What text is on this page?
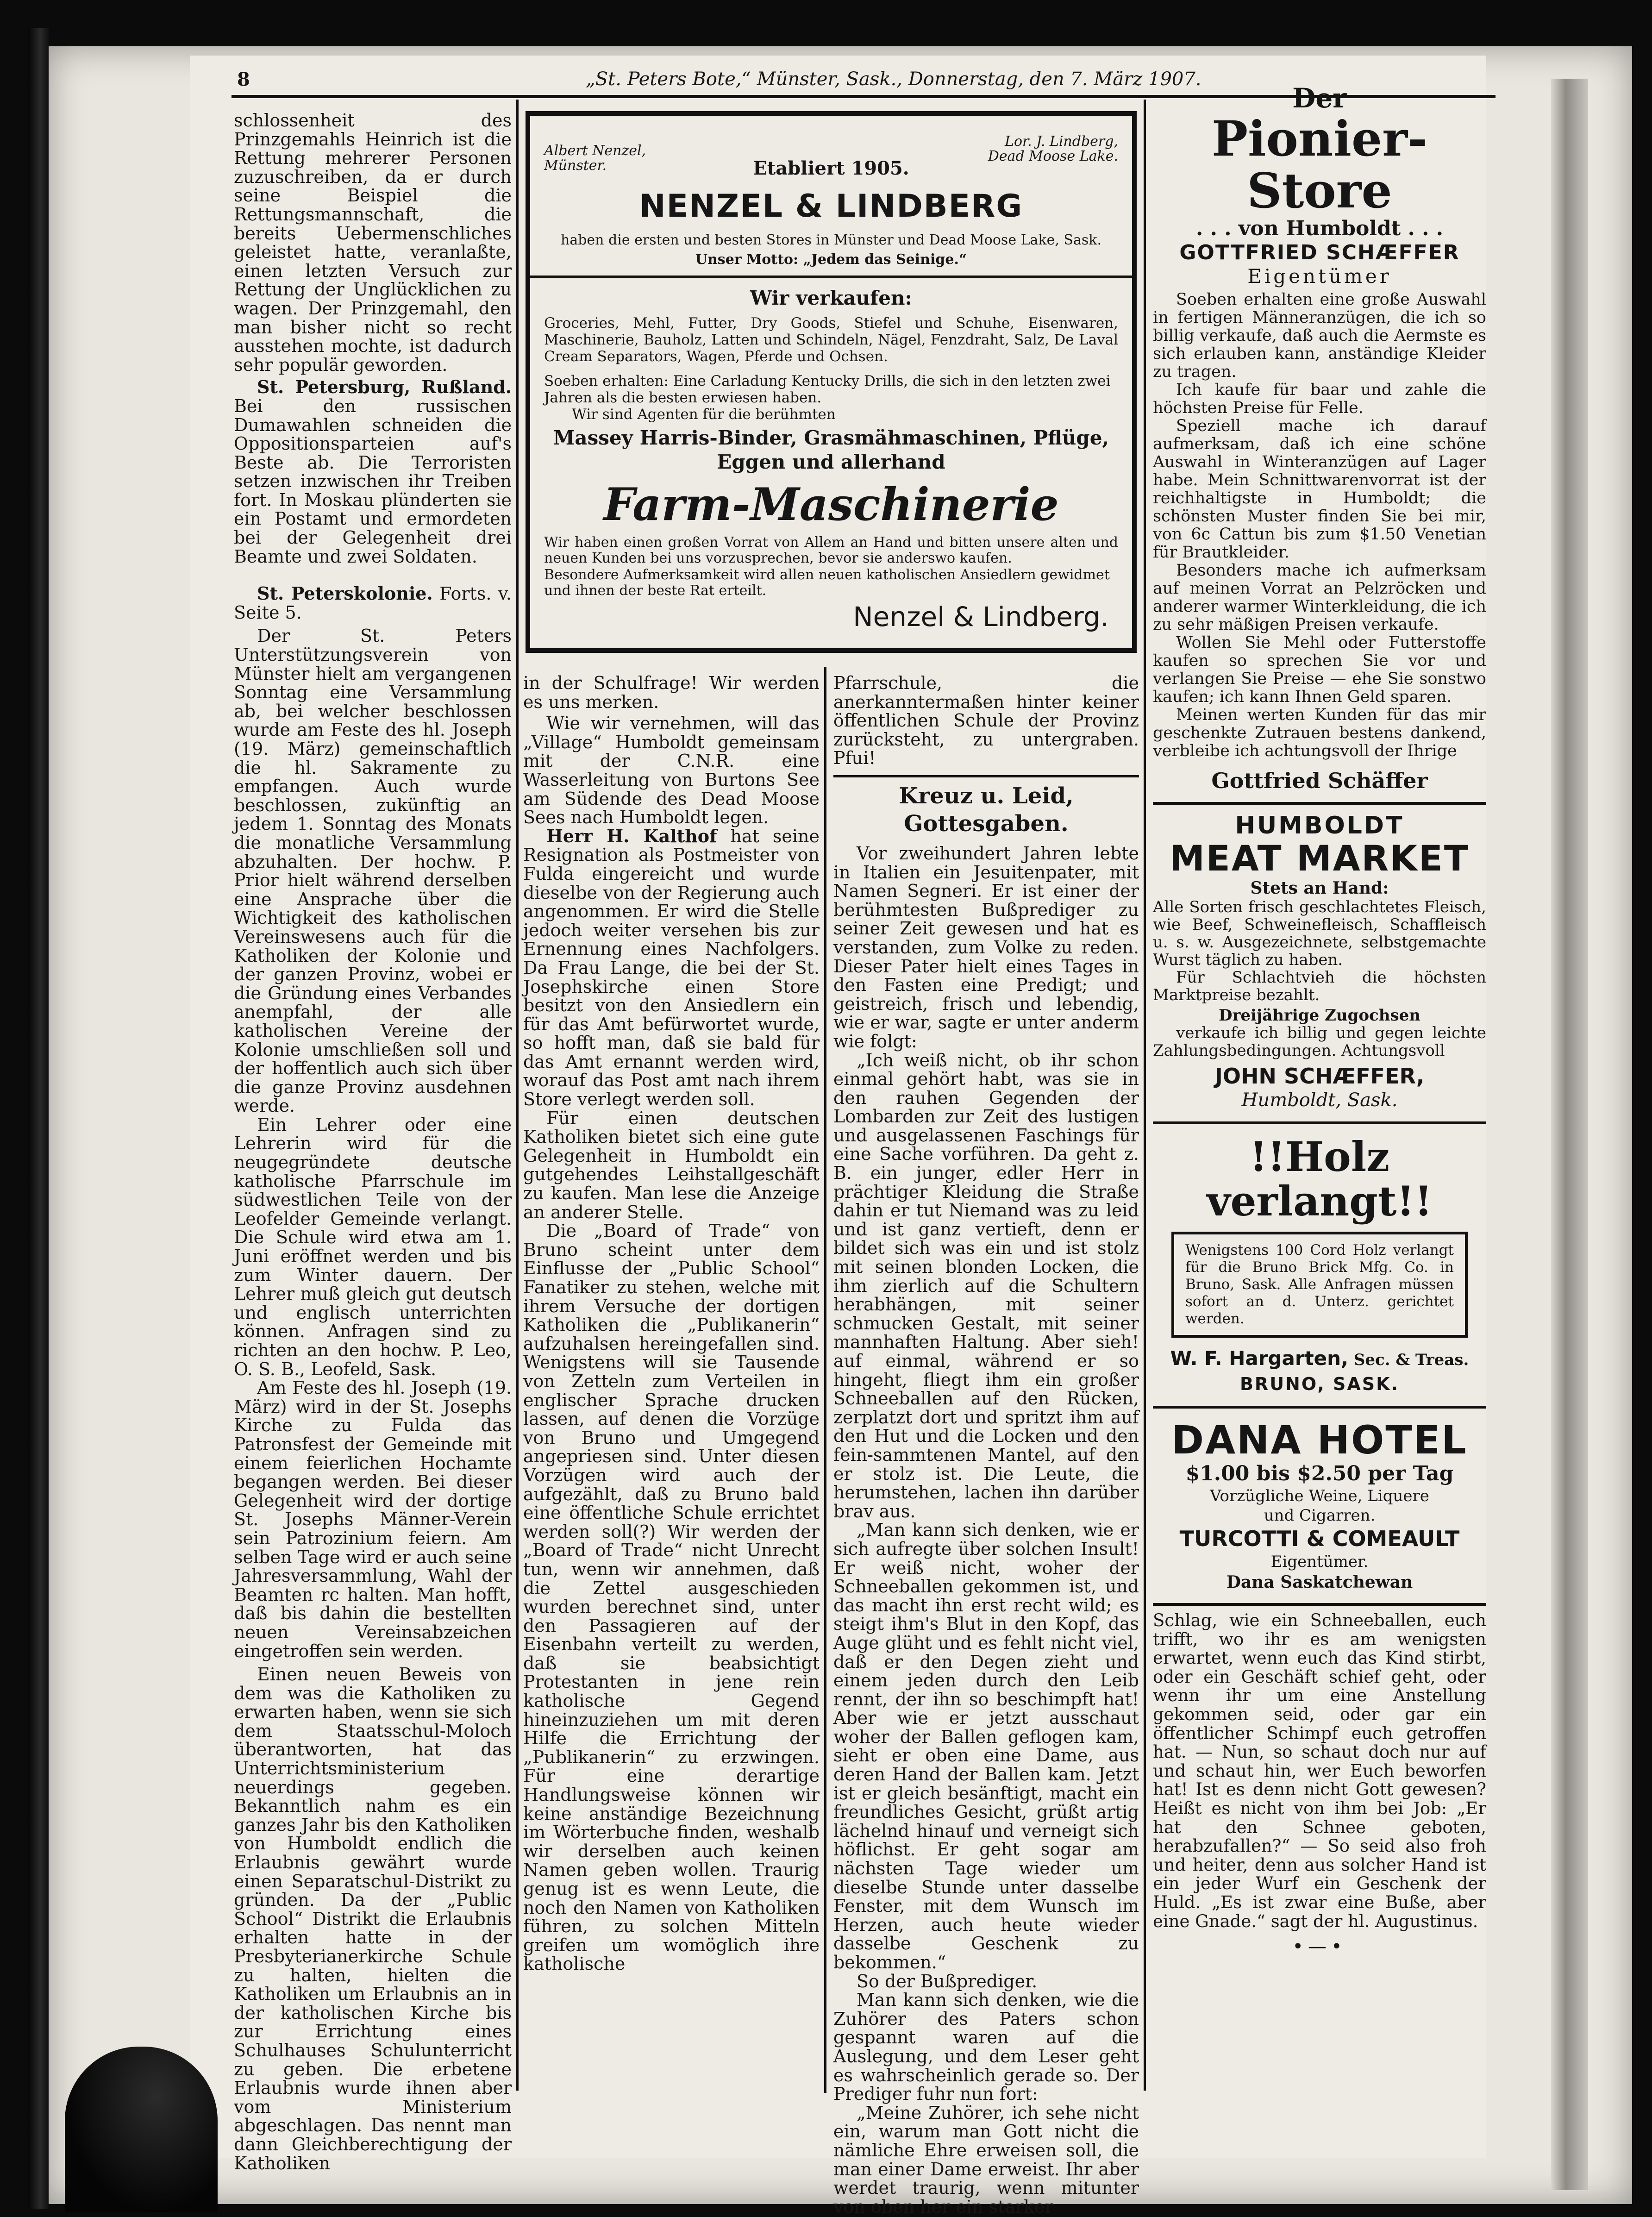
8	„St. Peters Bote,“ Münster, Sask., Donnerstag, den 7. März 1907.

schlossenheit des Prinzgemahls Heinrich ist die Rettung mehrerer Personen zuzuschreiben, da er durch seine Beispiel die Rettungsmannschaft, die bereits Uebermenschliches geleistet hatte, veranlaßte, einen letzten Versuch zur Rettung der Unglücklichen zu wagen. Der Prinzgemahl, den man bisher nicht so recht ausstehen mochte, ist dadurch sehr populär geworden.

St. Petersburg, Rußland. Bei den russischen Dumawahlen schneiden die Oppositionsparteien auf's Beste ab. Die Terroristen setzen inzwischen ihr Treiben fort. In Moskau plünderten sie ein Postamt und ermordeten bei der Gelegenheit drei Beamte und zwei Soldaten.

St. Peterskolonie. Forts. v. Seite 5.

Der St. Peters Unterstützungsverein von Münster hielt am vergangenen Sonntag eine Versammlung ab, bei welcher beschlossen wurde am Feste des hl. Joseph (19. März) gemeinschaftlich die hl. Sakramente zu empfangen. Auch wurde beschlossen, zukünftig an jedem 1. Sonntag des Monats die monatliche Versammlung abzuhalten. Der hochw. P. Prior hielt während derselben eine Ansprache über die Wichtigkeit des katholischen Vereinswesens auch für die Katholiken der Kolonie und der ganzen Provinz, wobei er die Gründung eines Verbandes anempfahl, der alle katholischen Vereine der Kolonie umschließen soll und der hoffentlich auch sich über die ganze Provinz ausdehnen werde.

Ein Lehrer oder eine Lehrerin wird für die neugegründete deutsche katholische Pfarrschule im südwestlichen Teile von der Leofelder Gemeinde verlangt. Die Schule wird etwa am 1. Juni eröffnet werden und bis zum Winter dauern. Der Lehrer muß gleich gut deutsch und englisch unterrichten können. Anfragen sind zu richten an den hochw. P. Leo, O. S. B., Leofeld, Sask.

Am Feste des hl. Joseph (19. März) wird in der St. Josephs Kirche zu Fulda das Patronsfest der Gemeinde mit einem feierlichen Hochamte begangen werden. Bei dieser Gelegenheit wird der dortige St. Josephs Männer-Verein sein Patrozinium feiern. Am selben Tage wird er auch seine Jahresversammlung, Wahl der Beamten rc halten. Man hofft, daß bis dahin die bestellten neuen Vereinsabzeichen eingetroffen sein werden.

Einen neuen Beweis von dem was die Katholiken zu erwarten haben, wenn sie sich dem Staatsschul-Moloch überantworten, hat das Unterrichtsministerium neuerdings gegeben. Bekanntlich nahm es ein ganzes Jahr bis den Katholiken von Humboldt endlich die Erlaubnis gewährt wurde einen Separatschul-Distrikt zu gründen. Da der „Public School“ Distrikt die Erlaubnis erhalten hatte in der Presbyterianerkirche Schule zu halten, hielten die Katholiken um Erlaubnis an in der katholischen Kirche bis zur Errichtung eines Schulhauses Schulunterricht zu geben. Die erbetene Erlaubnis wurde ihnen aber vom Ministerium abgeschlagen. Das nennt man dann Gleichberechtigung der Katholiken

Albert Nenzel,
Münster.
Lor. J. Lindberg,
Dead Moose Lake.
Etabliert 1905.
NENZEL & LINDBERG
haben die ersten und besten Stores in Münster und Dead Moose Lake, Sask.
Unser Motto: „Jedem das Seinige.“
Wir verkaufen:
Groceries, Mehl, Futter, Dry Goods, Stiefel und Schuhe, Eisenwaren, Maschinerie, Bauholz, Latten und Schindeln, Nägel, Fenzdraht, Salz, De Laval Cream Separators, Wagen, Pferde und Ochsen.
Soeben erhalten: Eine Carladung Kentucky Drills, die sich in den letzten zwei Jahren als die besten erwiesen haben.
Wir sind Agenten für die berühmten
Massey Harris-Binder, Grasmähmaschinen, Pflüge, Eggen und allerhand
Farm-Maschinerie
Wir haben einen großen Vorrat von Allem an Hand und bitten unsere alten und neuen Kunden bei uns vorzusprechen, bevor sie anderswo kaufen.
Besondere Aufmerksamkeit wird allen neuen katholischen Ansiedlern gewidmet und ihnen der beste Rat erteilt.
Nenzel & Lindberg.

in der Schulfrage! Wir werden es uns merken.

Wie wir vernehmen, will das „Village“ Humboldt gemeinsam mit der C.N.R. eine Wasserleitung von Burtons See am Südende des Dead Moose Sees nach Humboldt legen.

Herr H. Kalthof hat seine Resignation als Postmeister von Fulda eingereicht und wurde dieselbe von der Regierung auch angenommen. Er wird die Stelle jedoch weiter versehen bis zur Ernennung eines Nachfolgers. Da Frau Lange, die bei der St. Josephskirche einen Store besitzt von den Ansiedlern ein für das Amt befürwortet wurde, so hofft man, daß sie bald für das Amt ernannt werden wird, worauf das Post amt nach ihrem Store verlegt werden soll.

Für einen deutschen Katholiken bietet sich eine gute Gelegenheit in Humboldt ein gutgehendes Leihstallgeschäft zu kaufen. Man lese die Anzeige an anderer Stelle.

Die „Board of Trade“ von Bruno scheint unter dem Einflusse der „Public School“ Fanatiker zu stehen, welche mit ihrem Versuche der dortigen Katholiken die „Publikanerin“ aufzuhalsen hereingefallen sind. Wenigstens will sie Tausende von Zetteln zum Verteilen in englischer Sprache drucken lassen, auf denen die Vorzüge von Bruno und Umgegend angepriesen sind. Unter diesen Vorzügen wird auch der aufgezählt, daß zu Bruno bald eine öffentliche Schule errichtet werden soll(?) Wir werden der „Board of Trade“ nicht Unrecht tun, wenn wir annehmen, daß die Zettel ausgeschieden wurden berechnet sind, unter den Passagieren auf der Eisenbahn verteilt zu werden, daß sie beabsichtigt Protestanten in jene rein katholische Gegend hineinzuziehen um mit deren Hilfe die Errichtung der „Publikanerin“ zu erzwingen. Für eine derartige Handlungsweise können wir keine anständige Bezeichnung im Wörterbuche finden, weshalb wir derselben auch keinen Namen geben wollen. Traurig genug ist es wenn Leute, die noch den Namen von Katholiken führen, zu solchen Mitteln greifen um womöglich ihre katholische

Pfarrschule, die anerkanntermaßen hinter keiner öffentlichen Schule der Provinz zurücksteht, zu untergraben. Pfui!

Kreuz u. Leid, Gottesgaben.

Vor zweihundert Jahren lebte in Italien ein Jesuitenpater, mit Namen Segneri. Er ist einer der berühmtesten Bußprediger zu seiner Zeit gewesen und hat es verstanden, zum Volke zu reden. Dieser Pater hielt eines Tages in den Fasten eine Predigt; und geistreich, frisch und lebendig, wie er war, sagte er unter anderm wie folgt:

„Ich weiß nicht, ob ihr schon einmal gehört habt, was sie in den rauhen Gegenden der Lombarden zur Zeit des lustigen und ausgelassenen Faschings für eine Sache vorführen. Da geht z. B. ein junger, edler Herr in prächtiger Kleidung die Straße dahin er tut Niemand was zu leid und ist ganz vertieft, denn er bildet sich was ein und ist stolz mit seinen blonden Locken, die ihm zierlich auf die Schultern herabhängen, mit seiner schmucken Gestalt, mit seiner mannhaften Haltung. Aber sieh! auf einmal, während er so hingeht, fliegt ihm ein großer Schneeballen auf den Rücken, zerplatzt dort und spritzt ihm auf den Hut und die Locken und den fein-sammtenen Mantel, auf den er stolz ist. Die Leute, die herumstehen, lachen ihn darüber brav aus.

„Man kann sich denken, wie er sich aufregte über solchen Insult! Er weiß nicht, woher der Schneeballen gekommen ist, und das macht ihn erst recht wild; es steigt ihm's Blut in den Kopf, das Auge glüht und es fehlt nicht viel, daß er den Degen zieht und einem jeden durch den Leib rennt, der ihn so beschimpft hat! Aber wie er jetzt ausschaut woher der Ballen geflogen kam, sieht er oben eine Dame, aus deren Hand der Ballen kam. Jetzt ist er gleich besänftigt, macht ein freundliches Gesicht, grüßt artig lächelnd hinauf und verneigt sich höflichst. Er geht sogar am nächsten Tage wieder um dieselbe Stunde unter dasselbe Fenster, mit dem Wunsch im Herzen, auch heute wieder dasselbe Geschenk zu bekommen.“

So der Bußprediger.

Man kann sich denken, wie die Zuhörer des Paters schon gespannt waren auf die Auslegung, und dem Leser geht es wahrscheinlich gerade so. Der Prediger fuhr nun fort:

„Meine Zuhörer, ich sehe nicht ein, warum man Gott nicht die nämliche Ehre erweisen soll, die man einer Dame erweist. Ihr aber werdet traurig, wenn mitunter von oben her ein starker

Der
Pionier-Store
. . . von Humboldt . . .
GOTTFRIED SCHÆFFER
Eigentümer

Soeben erhalten eine große Auswahl in fertigen Männeranzügen, die ich so billig verkaufe, daß auch die Aermste es sich erlauben kann, anständige Kleider zu tragen.

Ich kaufe für baar und zahle die höchsten Preise für Felle.

Speziell mache ich darauf aufmerksam, daß ich eine schöne Auswahl in Winteranzügen auf Lager habe. Mein Schnittwarenvorrat ist der reichhaltigste in Humboldt; die schönsten Muster finden Sie bei mir, von 6c Cattun bis zum $1.50 Venetian für Brautkleider.

Besonders mache ich aufmerksam auf meinen Vorrat an Pelzröcken und anderer warmer Winterkleidung, die ich zu sehr mäßigen Preisen verkaufe.

Wollen Sie Mehl oder Futterstoffe kaufen so sprechen Sie vor und verlangen Sie Preise — ehe Sie sonstwo kaufen; ich kann Ihnen Geld sparen.

Meinen werten Kunden für das mir geschenkte Zutrauen bestens dankend, verbleibe ich achtungsvoll der Ihrige

Gottfried Schäffer
HUMBOLDT
MEAT MARKET
Stets an Hand:

Alle Sorten frisch geschlachtetes Fleisch, wie Beef, Schweinefleisch, Schaffleisch u. s. w. Ausgezeichnete, selbstgemachte Wurst täglich zu haben.

Für Schlachtvieh die höchsten Marktpreise bezahlt.

Dreijährige Zugochsen

verkaufe ich billig und gegen leichte Zahlungsbedingungen. Achtungsvoll

JOHN SCHÆFFER,
Humboldt, Sask.
!!Holz verlangt!!
Wenigstens 100 Cord Holz verlangt für die Bruno Brick Mfg. Co. in Bruno, Sask. Alle Anfragen müssen sofort an d. Unterz. gerichtet werden.
W. F. Hargarten, Sec. & Treas.
BRUNO, SASK.
DANA HOTEL
$1.00 bis $2.50 per Tag
Vorzügliche Weine, Liquere
und Cigarren.
TURCOTTI & COMEAULT
Eigentümer.
Dana Saskatchewan

Schlag, wie ein Schneeballen, euch trifft, wo ihr es am wenigsten erwartet, wenn euch das Kind stirbt, oder ein Geschäft schief geht, oder wenn ihr um eine Anstellung gekommen seid, oder gar ein öffentlicher Schimpf euch getroffen hat. — Nun, so schaut doch nur auf und schaut hin, wer Euch beworfen hat! Ist es denn nicht Gott gewesen? Heißt es nicht von ihm bei Job: „Er hat den Schnee geboten, herabzufallen?“ — So seid also froh und heiter, denn aus solcher Hand ist ein jeder Wurf ein Geschenk der Huld. „Es ist zwar eine Buße, aber eine Gnade.“ sagt der hl. Augustinus.

•—•
